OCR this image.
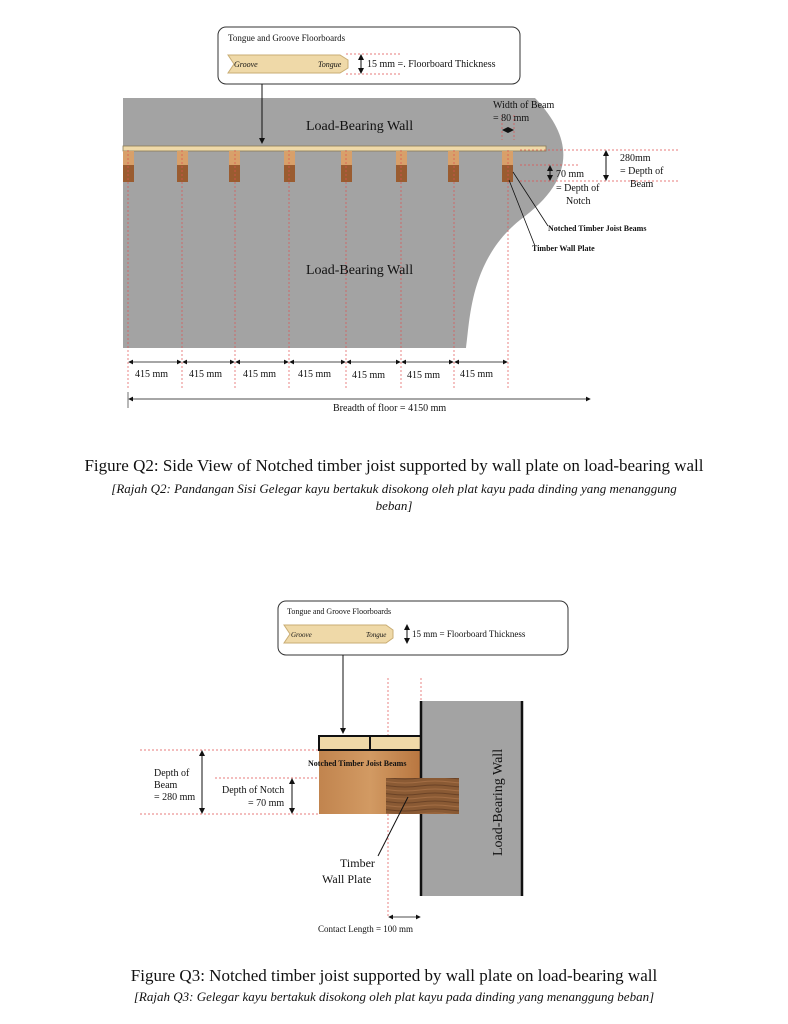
Tongue and Groove Floorboards
Groove	Tongue	15 mm =. Floorboard Thickness
Load-Bearing Wall
Width of Beam
= 80 mm
280mm
= Depth of
Beam
70 mm
= Depth of
Notch
Notched Timber Joist Beams
Timber Wall Plate
Load-Bearing Wall
415 mm 415 mm 415 mm 415 mm 415 mm 415 mm 415 mm
Breadth of floor = 4150 mm
Tongue and Groove Floorboards
Groove	Tongue	15 mm = Floorboard Thickness
Notched Timber Joist Beams	Load-Bearing Wall
Depth of
Beam
= 280 mm
Depth of Notch
= 70 mm
Timber
Wall Plate
Contact Length = 100 mm
Figure Q2: Side View of Notched timber joist supported by wall plate on load-bearing wall
[Rajah Q2: Pandangan Sisi Gelegar kayu bertakuk disokong oleh plat kayu pada dinding yang menanggung
beban]
Figure Q3: Notched timber joist supported by wall plate on load-bearing wall
[Rajah Q3: Gelegar kayu bertakuk disokong oleh plat kayu pada dinding yang menanggung beban]
